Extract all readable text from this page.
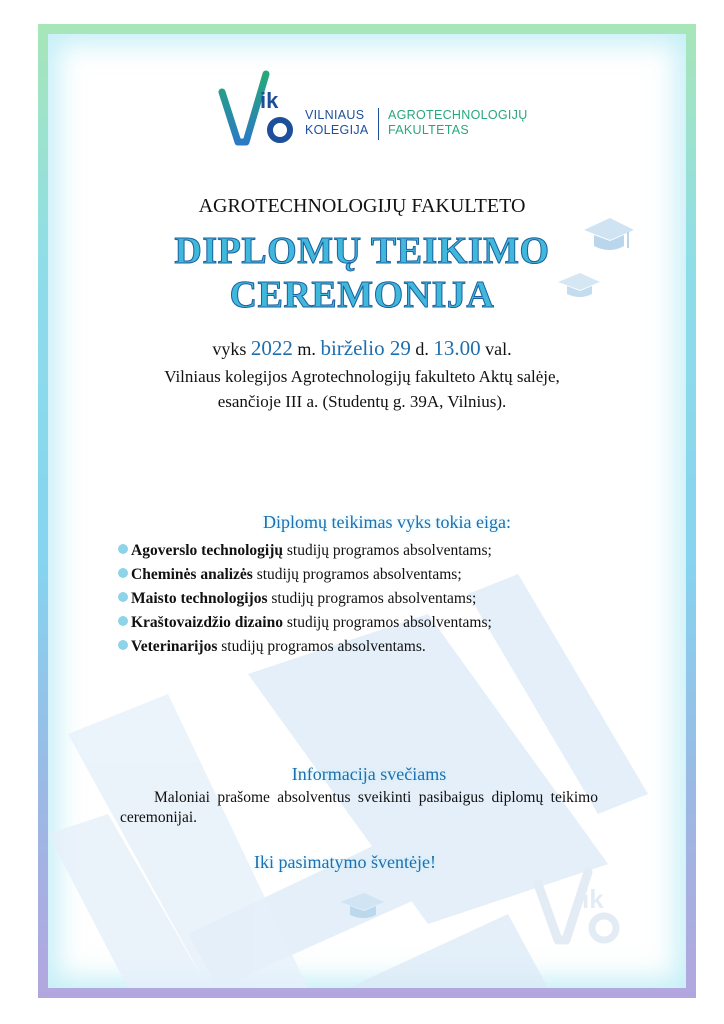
ik
VILNIAUS
KOLEGIJA
AGROTECHNOLOGIJŲ
FAKULTETAS
ik
AGROTECHNOLOGIJŲ FAKULTETO
DIPLOMŲ TEIKIMO
CEREMONIJA
vyks 2022 m. birželio 29 d. 13.00 val.
Vilniaus kolegijos Agrotechnologijų fakulteto Aktų salėje,
esančioje III a. (Studentų g. 39A, Vilnius).
Diplomų teikimas vyks tokia eiga:
Agoverslo technologijų studijų programos absolventams;
Cheminės analizės studijų programos absolventams;
Maisto technologijos studijų programos absolventams;
Kraštovaizdžio dizaino studijų programos absolventams;
Veterinarijos studijų programos absolventams.
Informacija svečiams
Maloniai prašome absolventus sveikinti pasibaigus diplomų teikimo ceremonijai.
Iki pasimatymo šventėje!
